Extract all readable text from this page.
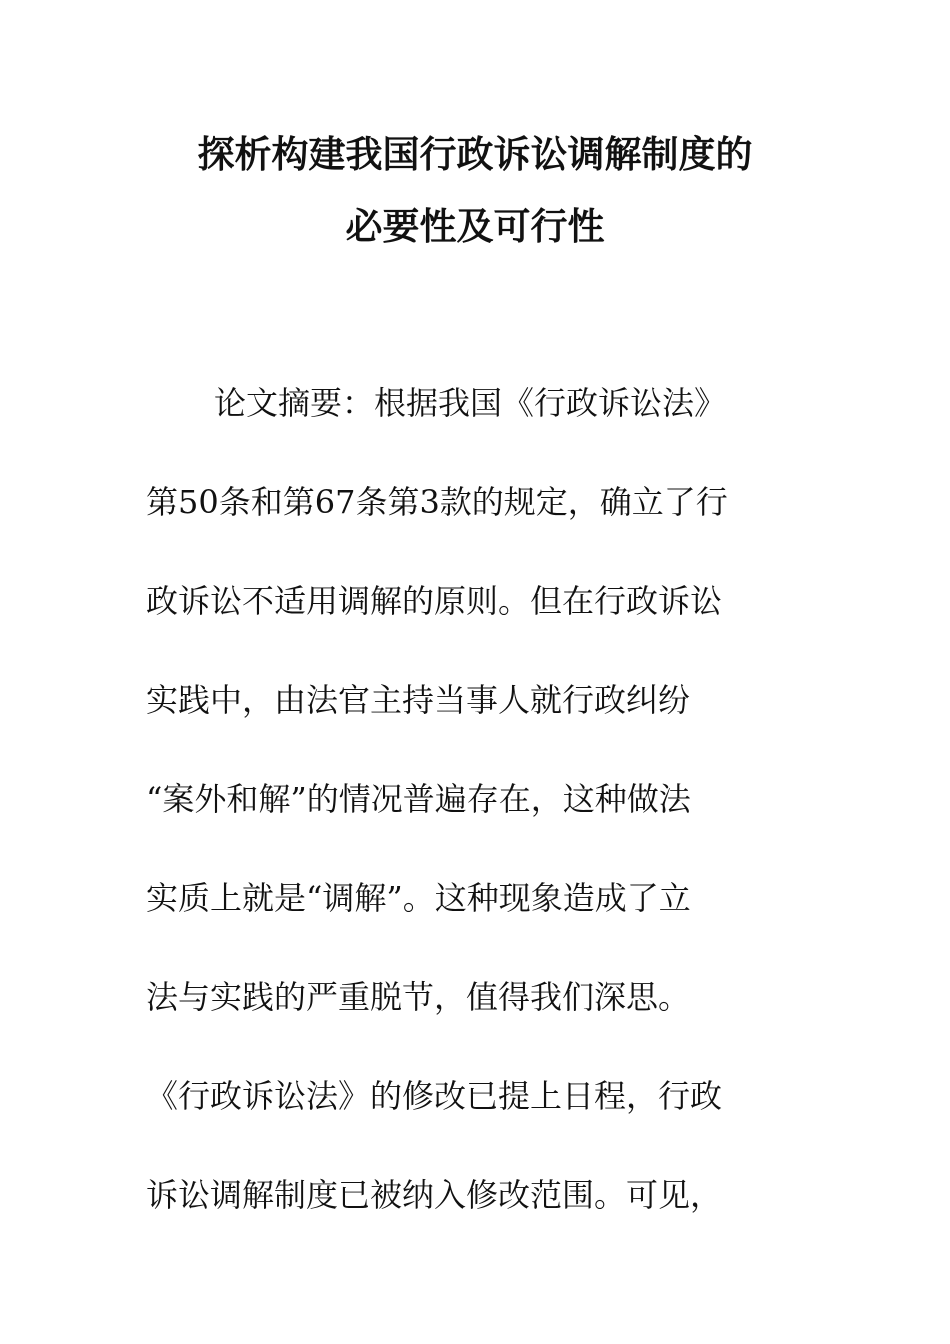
探析构建我国行政诉讼调解制度的
必要性及可行性
论文摘要：根据我国《行政诉讼法》
第50条和第67条第3款的规定，确立了行
政诉讼不适用调解的原则。但在行政诉讼
实践中，由法官主持当事人就行政纠纷
“案外和解”的情况普遍存在，这种做法
实质上就是“调解”。这种现象造成了立
法与实践的严重脱节，值得我们深思。
《行政诉讼法》的修改已提上日程，行政
诉讼调解制度已被纳入修改范围。可见，
